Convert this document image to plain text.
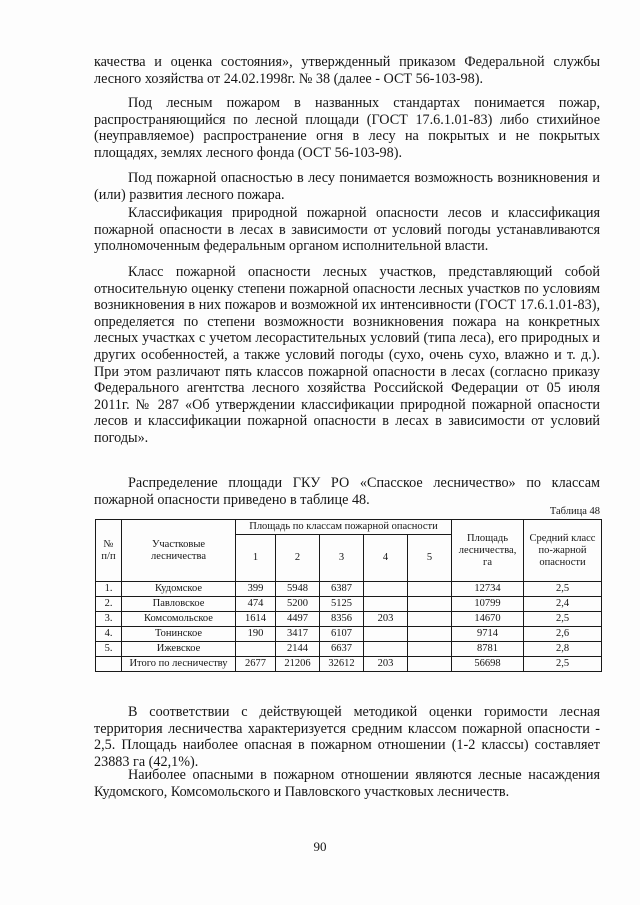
качества и оценка состояния», утвержденный приказом Федеральной службы лесного хозяйства от 24.02.1998г. № 38 (далее - ОСТ 56-103-98).

Под лесным пожаром в названных стандартах понимается пожар, распространяющийся по лесной площади (ГОСТ 17.6.1.01-83) либо стихийное (неуправляемое) распространение огня в лесу на покрытых и не покрытых площадях, землях лесного фонда (ОСТ 56-103-98).

Под пожарной опасностью в лесу понимается возможность возникновения и (или) развития лесного пожара.

Классификация природной пожарной опасности лесов и классификация пожарной опасности в лесах в зависимости от условий погоды устанавливаются уполномоченным федеральным органом исполнительной власти.

Класс пожарной опасности лесных участков, представляющий собой относительную оценку степени пожарной опасности лесных участков по условиям возникновения в них пожаров и возможной их интенсивности (ГОСТ 17.6.1.01-83), определяется по степени возможности возникновения пожара на конкретных лесных участках с учетом лесорастительных условий (типа леса), его природных и других особенностей, а также условий погоды (сухо, очень сухо, влажно и т. д.). При этом различают пять классов пожарной опасности в лесах (согласно приказу Федерального агентства лесного хозяйства Российской Федерации от 05 июля 2011г. № 287 «Об утверждении классификации природной пожарной опасности лесов и классификации пожарной опасности в лесах в зависимости от условий погоды».

Распределение площади ГКУ РО «Спасское лесничество» по классам пожарной опасности приведено в таблице 48.

Таблица 48

№ п/п	Участковые лесничества	Площадь по классам пожарной опасности					Площадь лесничества, га	Средний класс по-жарной опасности
		1	2	3	4	5		
1.	Кудомское	399	5948	6387			12734	2,5
2.	Павловское	474	5200	5125			10799	2,4
3.	Комсомольское	1614	4497	8356	203		14670	2,5
4.	Тонинское	190	3417	6107			9714	2,6
5.	Ижевское		2144	6637			8781	2,8
	Итого по лесничеству	2677	21206	32612	203		56698	2,5

В соответствии с действующей методикой оценки горимости лесная территория лесничества характеризуется средним классом пожарной опасности - 2,5. Площадь наиболее опасная в пожарном отношении (1-2 классы) составляет 23883 га (42,1%).

Наиболее опасными в пожарном отношении являются лесные насаждения Кудомского, Комсомольского и Павловского участковых лесничеств.

90
